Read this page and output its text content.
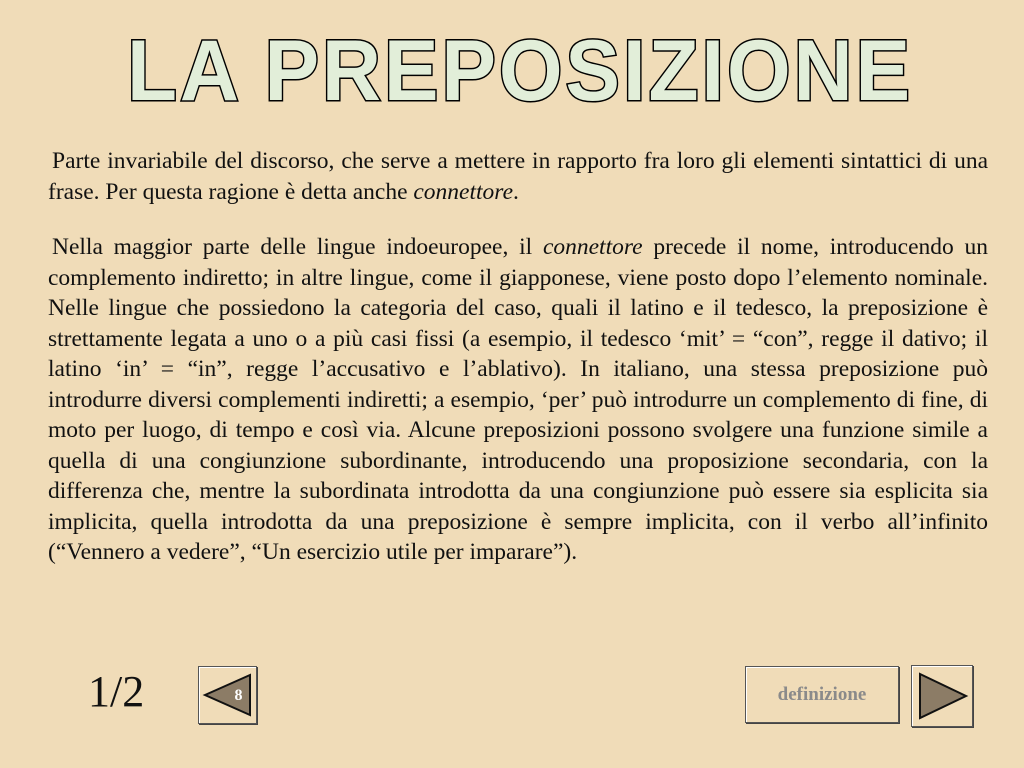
LA PREPOSIZIONE

Parte invariabile del discorso, che serve a mettere in rapporto fra loro gli elementi sintattici di una frase. Per questa ragione è detta anche connettore.

Nella maggior parte delle lingue indoeuropee, il connettore precede il nome, introducendo un complemento indiretto; in altre lingue, come il giapponese, viene posto dopo l’elemento nominale. Nelle lingue che possiedono la categoria del caso, quali il latino e il tedesco, la preposizione è strettamente legata a uno o a più casi fissi (a esempio, il tedesco ‘mit’ = “con”, regge il dativo; il latino ‘in’ = “in”, regge l’accusativo e l’ablativo). In italiano, una stessa preposizione può introdurre diversi complementi indiretti; a esempio, ‘per’ può introdurre un complemento di fine, di moto per luogo, di tempo e così via. Alcune preposizioni possono svolgere una funzione simile a quella di una congiunzione subordinante, introducendo una proposizione secondaria, con la differenza che, mentre la subordinata introdotta da una congiunzione può essere sia esplicita sia implicita, quella introdotta da una preposizione è sempre implicita, con il verbo all’infinito (“Vennero a vedere”, “Un esercizio utile per imparare”).

1/2	8	definizione
